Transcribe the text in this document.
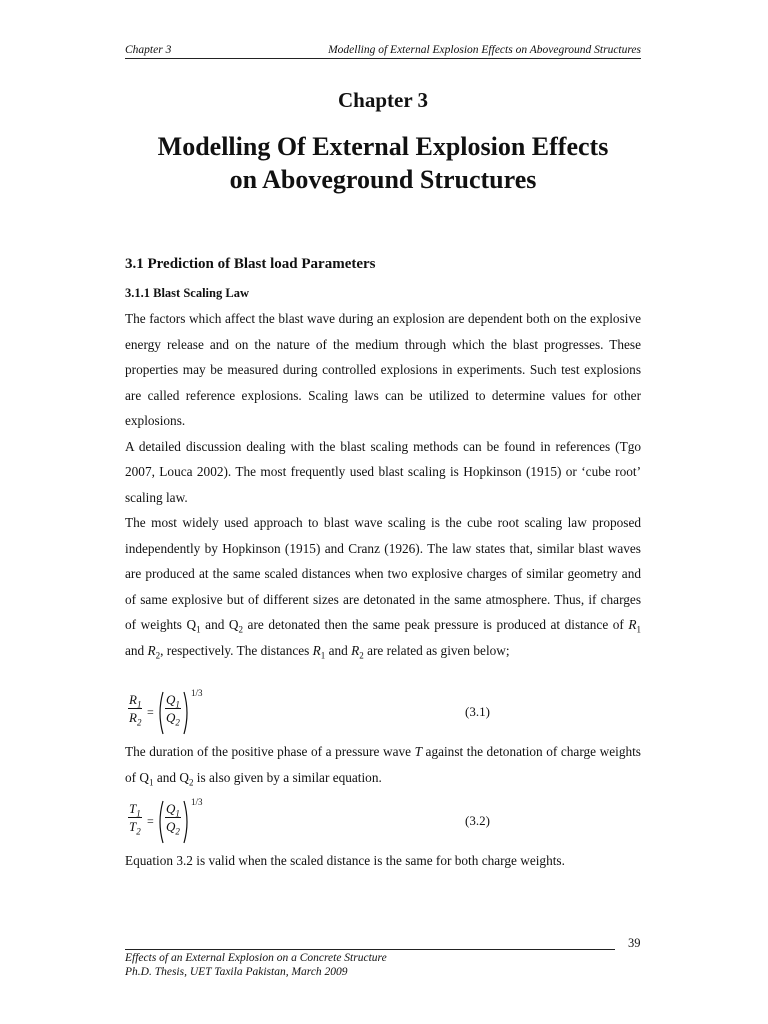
Chapter 3	Modelling of External Explosion Effects on Aboveground Structures
Chapter 3
Modelling Of External Explosion Effects
on Aboveground Structures
3.1 Prediction of Blast load Parameters
3.1.1 Blast Scaling Law
The factors which affect the blast wave during an explosion are dependent both on the explosive energy release and on the nature of the medium through which the blast progresses. These properties may be measured during controlled explosions in experiments. Such test explosions are called reference explosions. Scaling laws can be utilized to determine values for other explosions.
A detailed discussion dealing with the blast scaling methods can be found in references (Tgo 2007, Louca 2002). The most frequently used blast scaling is Hopkinson (1915) or ‘cube root’ scaling law.
The most widely used approach to blast wave scaling is the cube root scaling law proposed independently by Hopkinson (1915) and Cranz (1926). The law states that, similar blast waves are produced at the same scaled distances when two explosive charges of similar geometry and of same explosive but of different sizes are detonated in the same atmosphere. Thus, if charges of weights $Q_1$ and $Q_2$ are detonated then the same peak pressure is produced at distance of $R_1$ and $R_2$, respectively. The distances $R_1$ and $R_2$ are related as given below;
$\frac{R_1}{R_2} = \frac{Q_1}{Q_2} 1/3$
(3.1)
The duration of the positive phase of a pressure wave T against the detonation of charge weights of $Q_1$ and $Q_2$ is also given by a similar equation.
$\frac{T_1}{T_2} = \frac{Q_1}{Q_2} 1/3$
(3.2)
Equation 3.2 is valid when the scaled distance is the same for both charge weights.
39
Effects of an External Explosion on a Concrete Structure
Ph.D. Thesis, UET Taxila Pakistan, March 2009
